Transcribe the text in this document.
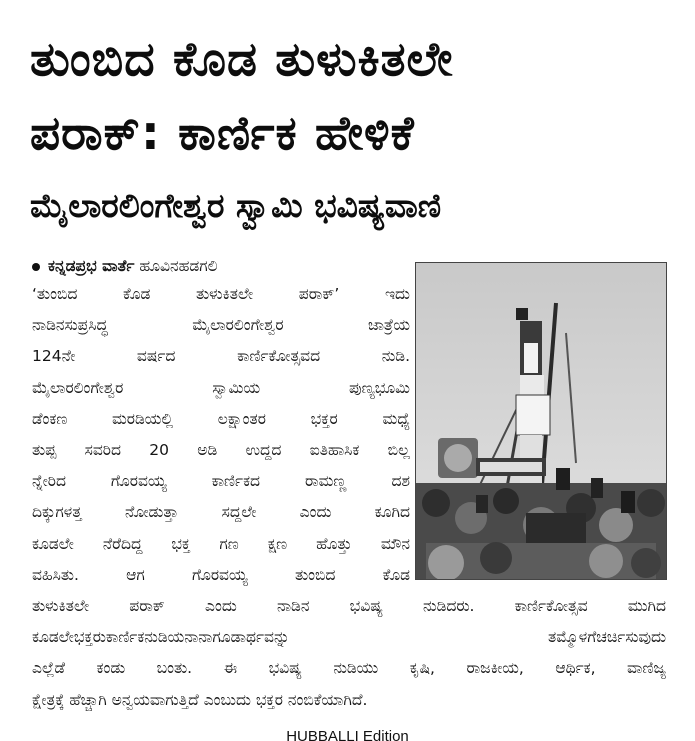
ತುಂಬಿದ ಕೊಡ ತುಳುಕಿತಲೇ
ಪರಾಕ್: ಕಾರ್ಣಿಕ ಹೇಳಿಕೆ
ಮೈಲಾರಲಿಂಗೇಶ್ವರ ಸ್ವಾಮಿ ಭವಿಷ್ಯವಾಣಿ
ಕನ್ನಡಪ್ರಭ ವಾರ್ತೆ ಹೂವಿನಹಡಗಲಿ
‘ತುಂಬಿದ ಕೊಡ ತುಳುಕಿತಲೇ ಪರಾಕ್’ ಇದು
ನಾಡಿನಸುಪ್ರಸಿದ್ಧ ಮೈಲಾರಲಿಂಗೇಶ್ವರ ಜಾತ್ರೆಯ
124ನೇ ವರ್ಷದ ಕಾರ್ಣಿಕೋತ್ಸವದ ನುಡಿ.
ಮೈಲಾರಲಿಂಗೇಶ್ವರ ಸ್ವಾಮಿಯ ಪುಣ್ಯಭೂಮಿ
ಡೆಂಕಣ ಮರಡಿಯಲ್ಲಿ ಲಕ್ಷಾಂತರ ಭಕ್ತರ ಮಧ್ಯೆ
ತುಪ್ಪ ಸವರಿದ 20 ಅಡಿ ಉದ್ದದ ಐತಿಹಾಸಿಕ ಬಿಲ್ಲ
ನ್ನೇರಿದ ಗೊರವಯ್ಯ ಕಾರ್ಣಿಕದ ರಾಮಣ್ಣ ದಶ
ದಿಕ್ಕುಗಳತ್ತ ನೋಡುತ್ತಾ ಸದ್ದಲೇ ಎಂದು ಕೂಗಿದ
ಕೂಡಲೇ ನೆರೆದಿದ್ದ ಭಕ್ತ ಗಣ ಕ್ಷಣ ಹೊತ್ತು ಮೌನ
ವಹಿಸಿತು. ಆಗ ಗೊರವಯ್ಯ ತುಂಬಿದ ಕೊಡ
ತುಳುಕಿತಲೇ ಪರಾಕ್ ಎಂದು ನಾಡಿನ ಭವಿಷ್ಯ ನುಡಿದರು. ಕಾರ್ಣಿಕೋತ್ಸವ ಮುಗಿದ
ಕೂಡಲೇಭಕ್ತರುಕಾರ್ಣಿಕನುಡಿಯನಾನಾಗೂಡಾರ್ಥವನ್ನು ತಮ್ಮೊಳಗೆಚರ್ಚಿಸುವುದು
ಎಲ್ಲೆಡೆ ಕಂಡು ಬಂತು. ಈ ಭವಿಷ್ಯ ನುಡಿಯು ಕೃಷಿ, ರಾಜಕೀಯ, ಆರ್ಥಿಕ, ವಾಣಿಜ್ಯ
ಕ್ಷೇತ್ರಕ್ಕೆ ಹೆಚ್ಚಾಗಿ ಅನ್ವಯವಾಗುತ್ತಿದೆ ಎಂಬುದು ಭಕ್ತರ ನಂಬಿಕೆಯಾಗಿದೆ.
HUBBALLI Edition
